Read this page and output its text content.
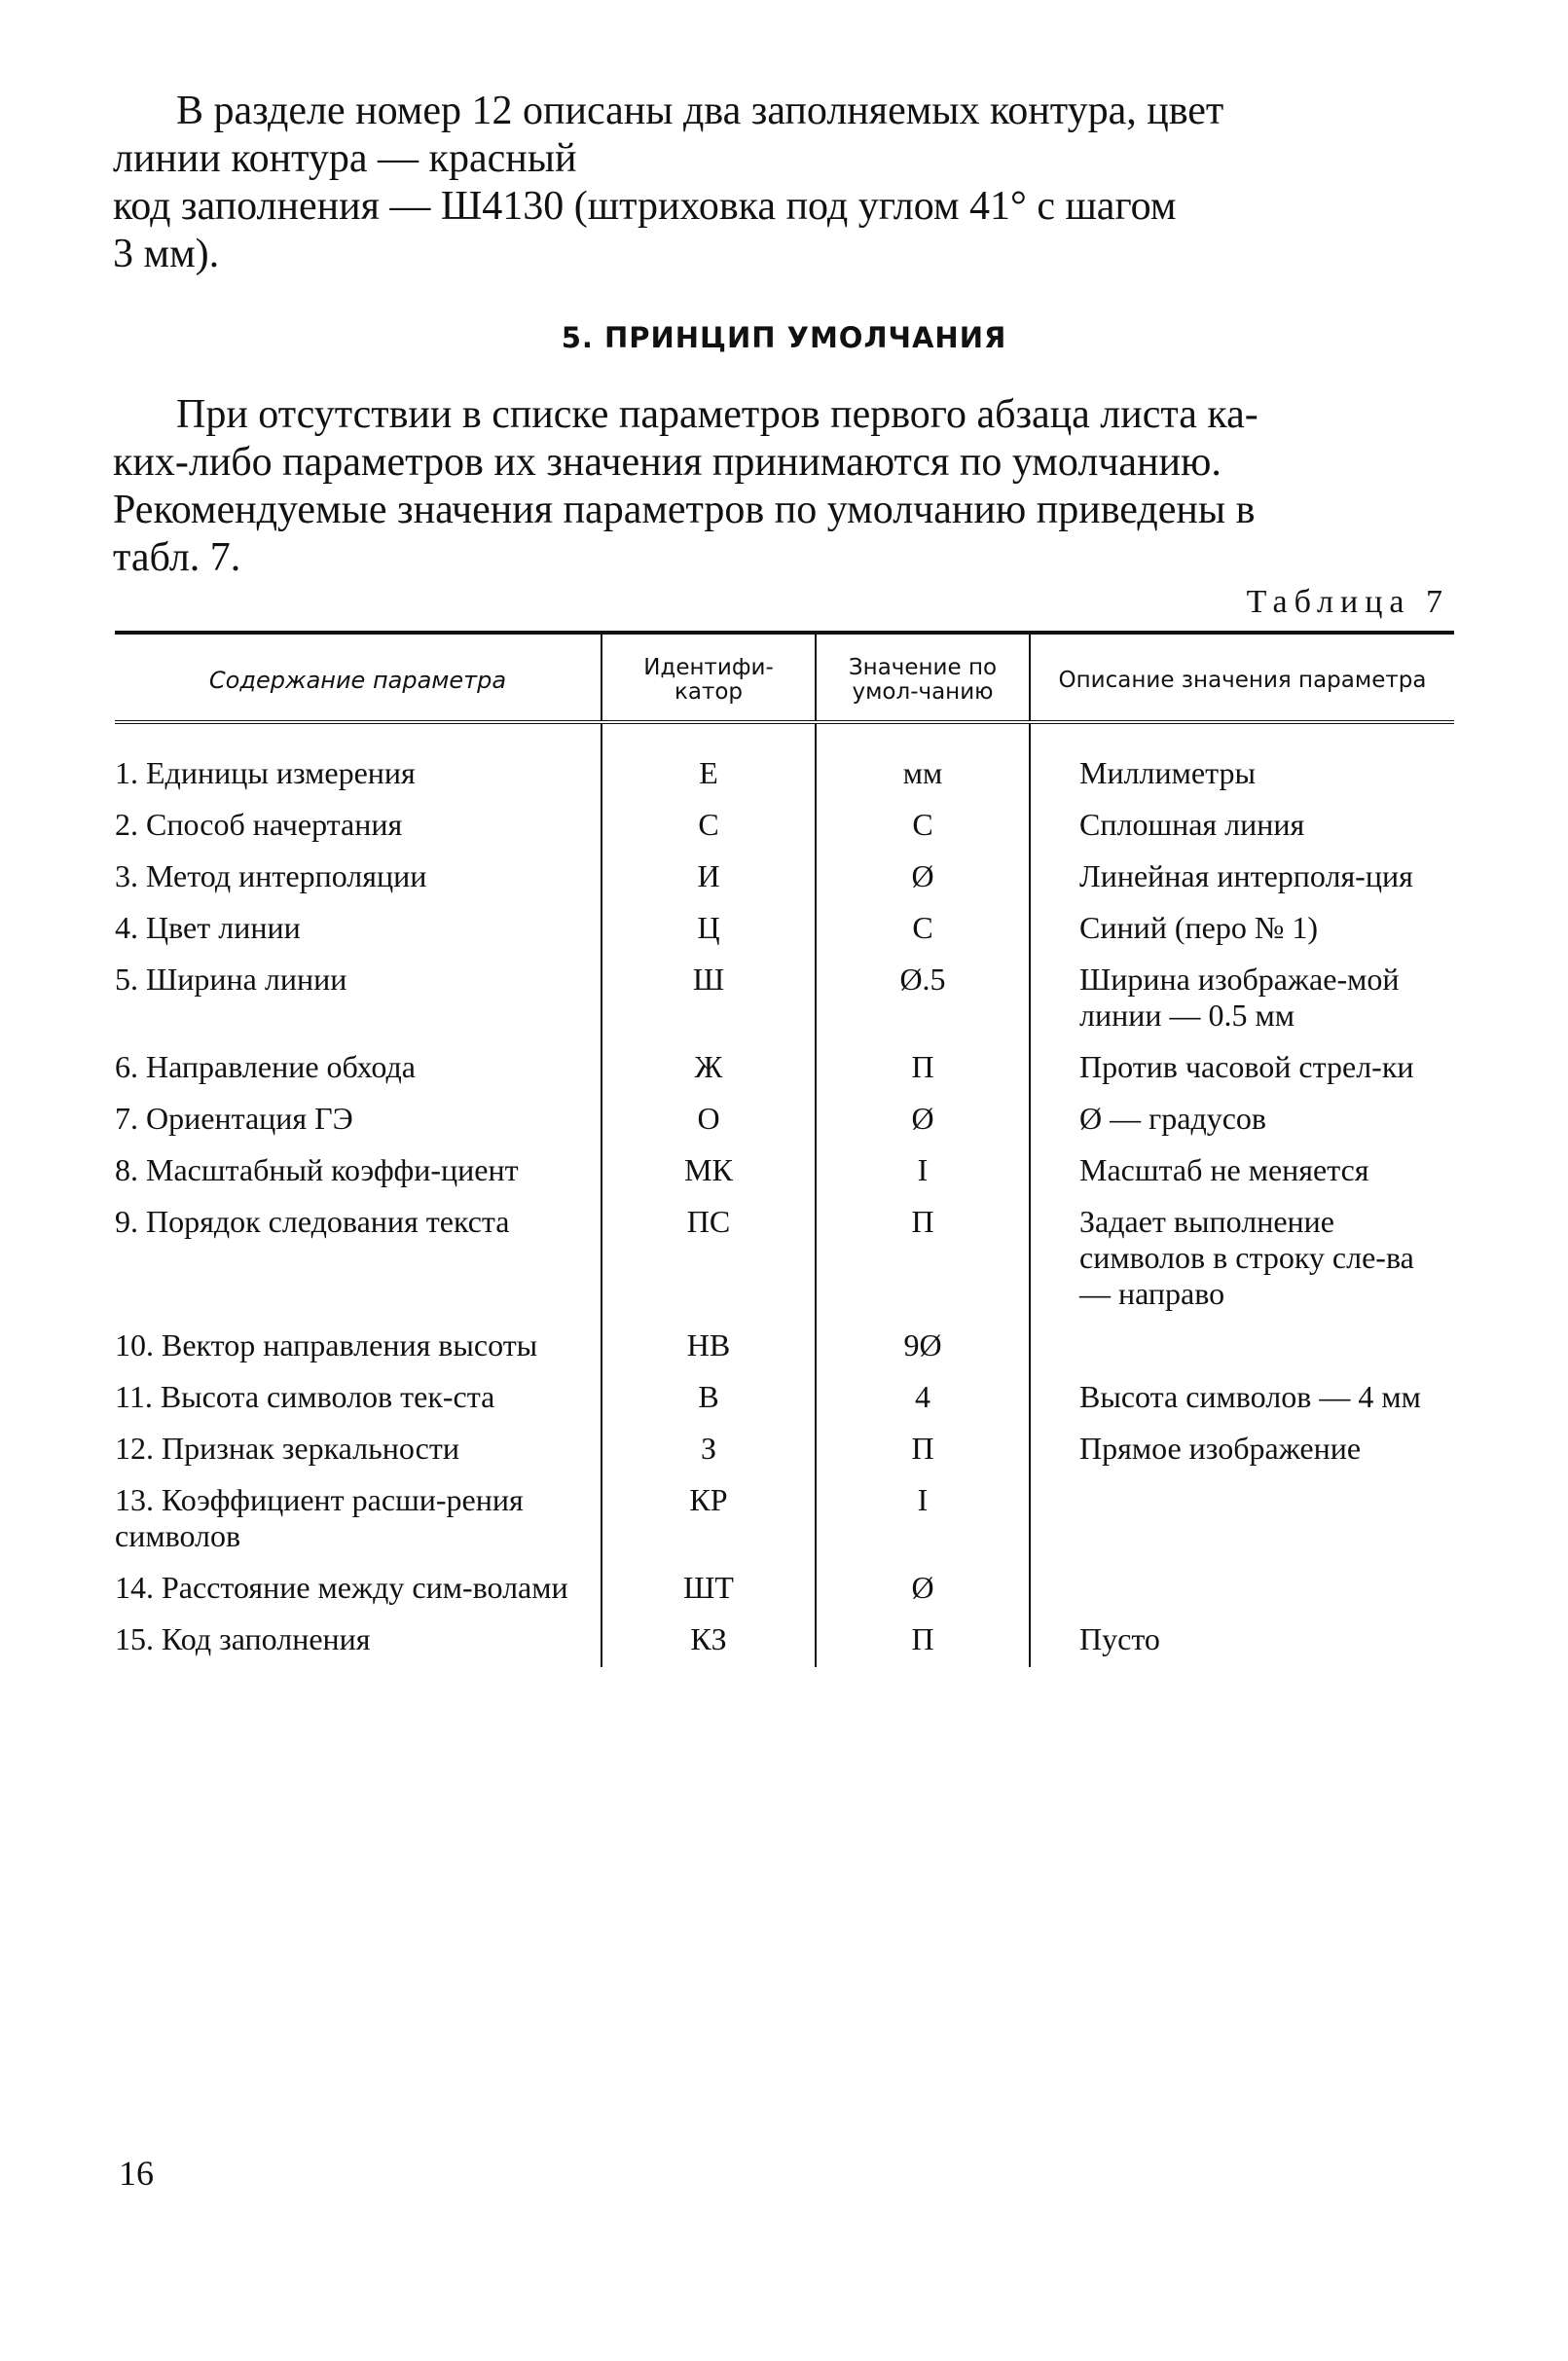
В разделе номер 12 описаны два заполняемых контура, цвет
линии контура — красный
код заполнения — Ш4130 (штриховка под углом 41° с шагом
3 мм).

5. ПРИНЦИП УМОЛЧАНИЯ

При отсутствии в списке параметров первого абзаца листа ка-
ких-либо параметров их значения принимаются по умолчанию.
Рекомендуемые значения параметров по умолчанию приведены в
табл. 7.

Таблица 7
Содержание параметра	Идентифи-катор	Значение по умол-чанию	Описание значения параметра
1. Единицы измерения	Е	мм	Миллиметры
2. Способ начертания	С	С	Сплошная линия
3. Метод интерполяции	И	Ø	Линейная интерполя-ция
4. Цвет линии	Ц	С	Синий (перо № 1)
5. Ширина линии	Ш	Ø.5	Ширина изображае-мой линии — 0.5 мм
6. Направление обхода	Ж	П	Против часовой стрел-ки
7. Ориентация ГЭ	О	Ø	Ø — градусов
8. Масштабный коэффи-циент	МК	I	Масштаб не меняется
9. Порядок следования текста	ПС	П	Задает выполнение символов в строку сле-ва — направо
10. Вектор направления высоты	НВ	9Ø	
11. Высота символов тек-ста	В	4	Высота символов — 4 мм
12. Признак зеркальности	З	П	Прямое изображение
13. Коэффициент расши-рения символов	КР	I	
14. Расстояние между сим-волами	ШТ	Ø	
15. Код заполнения	КЗ	П	Пусто
16
